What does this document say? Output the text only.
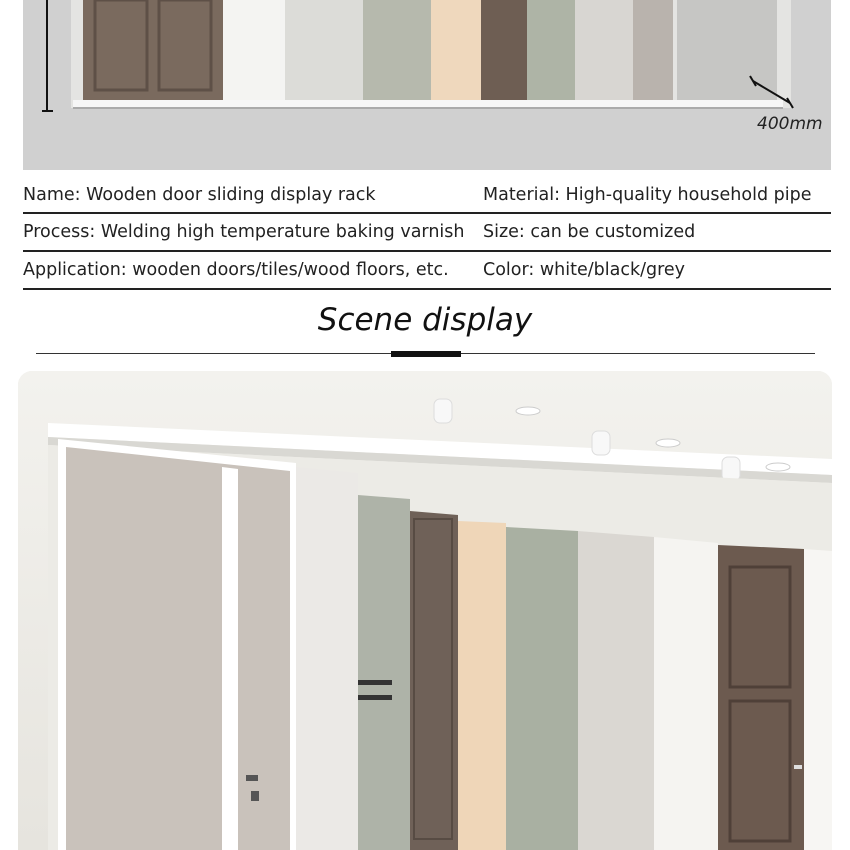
400mm
Name: Wooden door sliding display rack	Material: High-quality household pipe
Process: Welding high temperature baking varnish	Size: can be customized
Application: wooden doors/tiles/wood floors, etc.	Color: white/black/grey
Scene display
